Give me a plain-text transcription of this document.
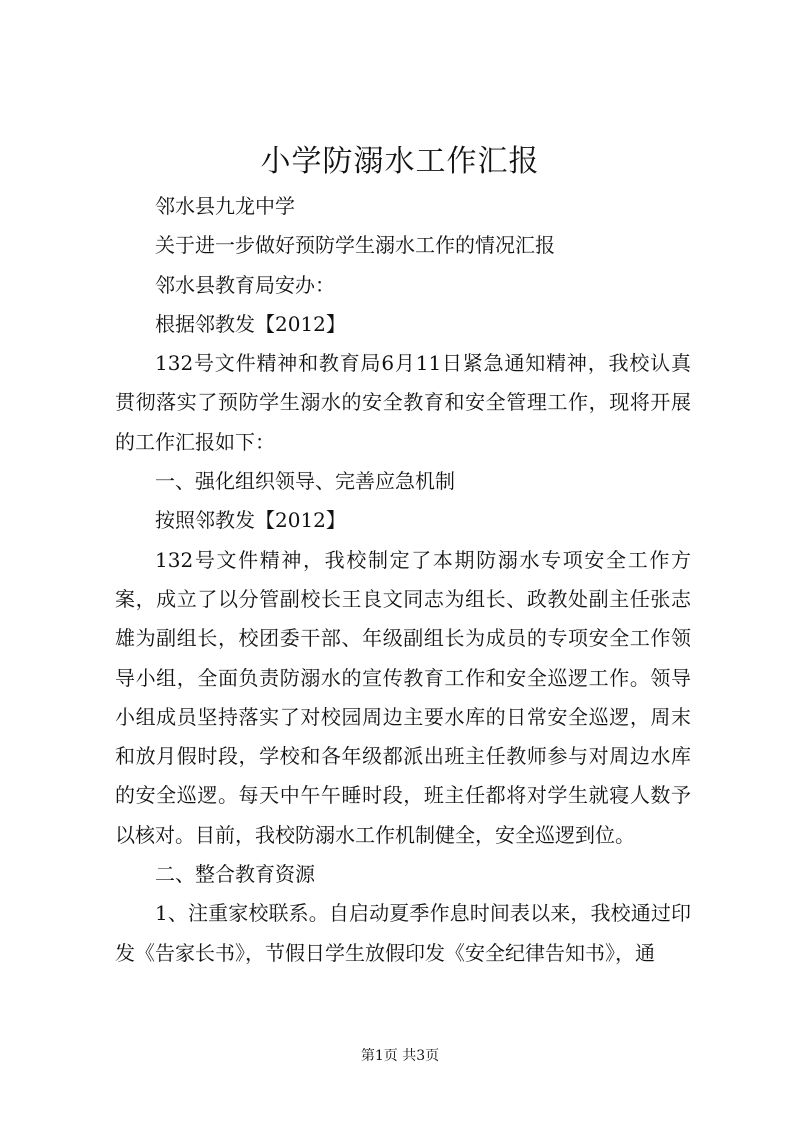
小学防溺水工作汇报

邻水县九龙中学

关于进一步做好预防学生溺水工作的情况汇报

邻水县教育局安办：

根据邻教发【2012】

132号文件精神和教育局6月11日紧急通知精神，我校认真贯彻落实了预防学生溺水的安全教育和安全管理工作，现将开展的工作汇报如下：

一、强化组织领导、完善应急机制

按照邻教发【2012】

132号文件精神，我校制定了本期防溺水专项安全工作方案，成立了以分管副校长王良文同志为组长、政教处副主任张志雄为副组长，校团委干部、年级副组长为成员的专项安全工作领导小组，全面负责防溺水的宣传教育工作和安全巡逻工作。领导小组成员坚持落实了对校园周边主要水库的日常安全巡逻，周末和放月假时段，学校和各年级都派出班主任教师参与对周边水库的安全巡逻。每天中午午睡时段，班主任都将对学生就寝人数予以核对。目前，我校防溺水工作机制健全，安全巡逻到位。

二、整合教育资源

1、注重家校联系。自启动夏季作息时间表以来，我校通过印发《告家长书》，节假日学生放假印发《安全纪律告知书》，通

第1页 共3页
